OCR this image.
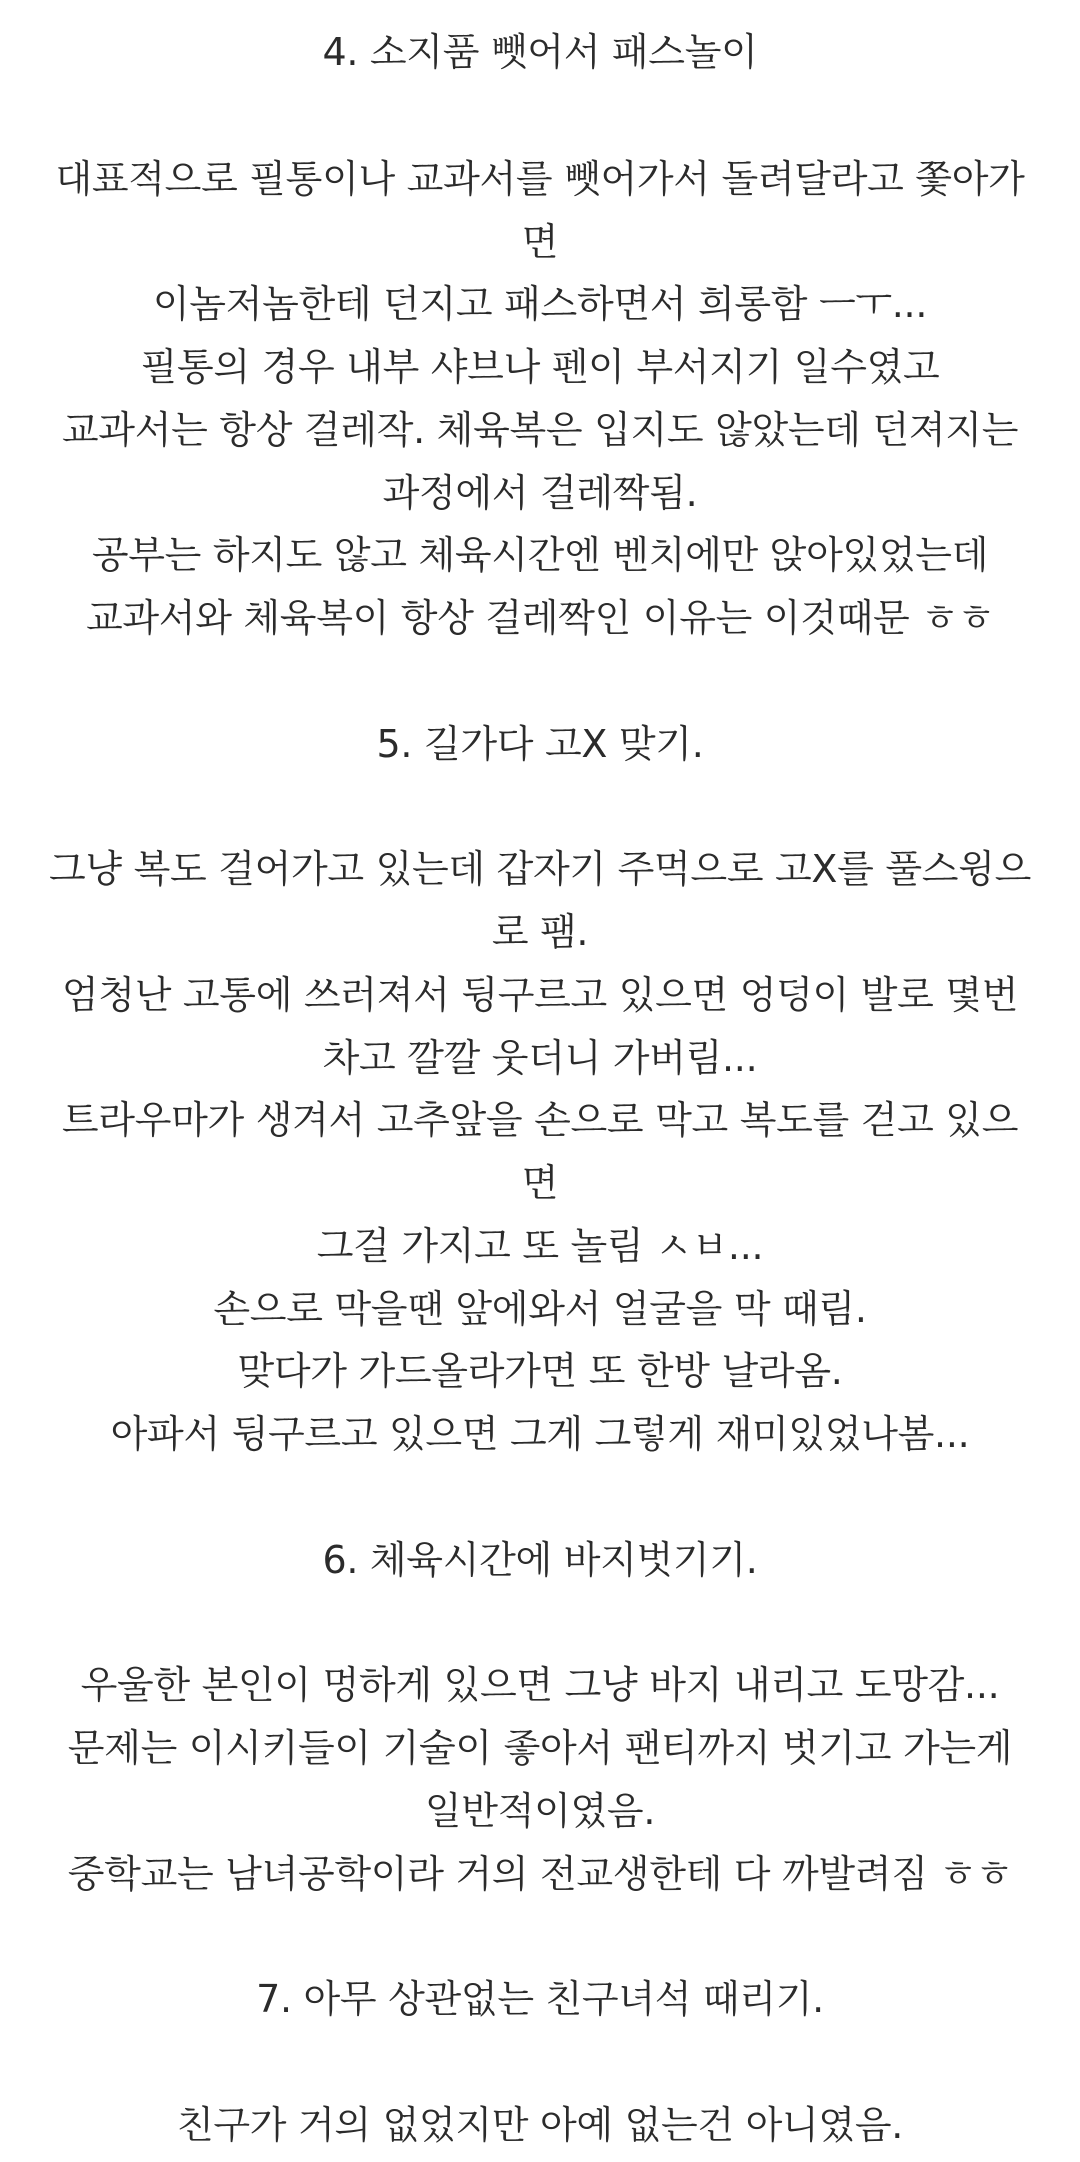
4. 소지품 뺏어서 패스놀이
대표적으로 필통이나 교과서를 뺏어가서 돌려달라고 쫓아가
면
이놈저놈한테 던지고 패스하면서 희롱함 ㅡㅜ...
필통의 경우 내부 샤브나 펜이 부서지기 일수였고
교과서는 항상 걸레작. 체육복은 입지도 않았는데 던져지는
과정에서 걸레짝됨.
공부는 하지도 않고 체육시간엔 벤치에만 앉아있었는데
교과서와 체육복이 항상 걸레짝인 이유는 이것때문 ㅎㅎ
5. 길가다 고X 맞기.
그냥 복도 걸어가고 있는데 갑자기 주먹으로 고X를 풀스윙으
로 팸.
엄청난 고통에 쓰러져서 뒹구르고 있으면 엉덩이 발로 몇번
차고 깔깔 웃더니 가버림...
트라우마가 생겨서 고추앞을 손으로 막고 복도를 걷고 있으
면
그걸 가지고 또 놀림 ㅅㅂ...
손으로 막을땐 앞에와서 얼굴을 막 때림.
맞다가 가드올라가면 또 한방 날라옴.
아파서 뒹구르고 있으면 그게 그렇게 재미있었나봄...
6. 체육시간에 바지벗기기.
우울한 본인이 멍하게 있으면 그냥 바지 내리고 도망감...
문제는 이시키들이 기술이 좋아서 팬티까지 벗기고 가는게
일반적이였음.
중학교는 남녀공학이라 거의 전교생한테 다 까발려짐 ㅎㅎ
7. 아무 상관없는 친구녀석 때리기.
친구가 거의 없었지만 아예 없는건 아니였음.
